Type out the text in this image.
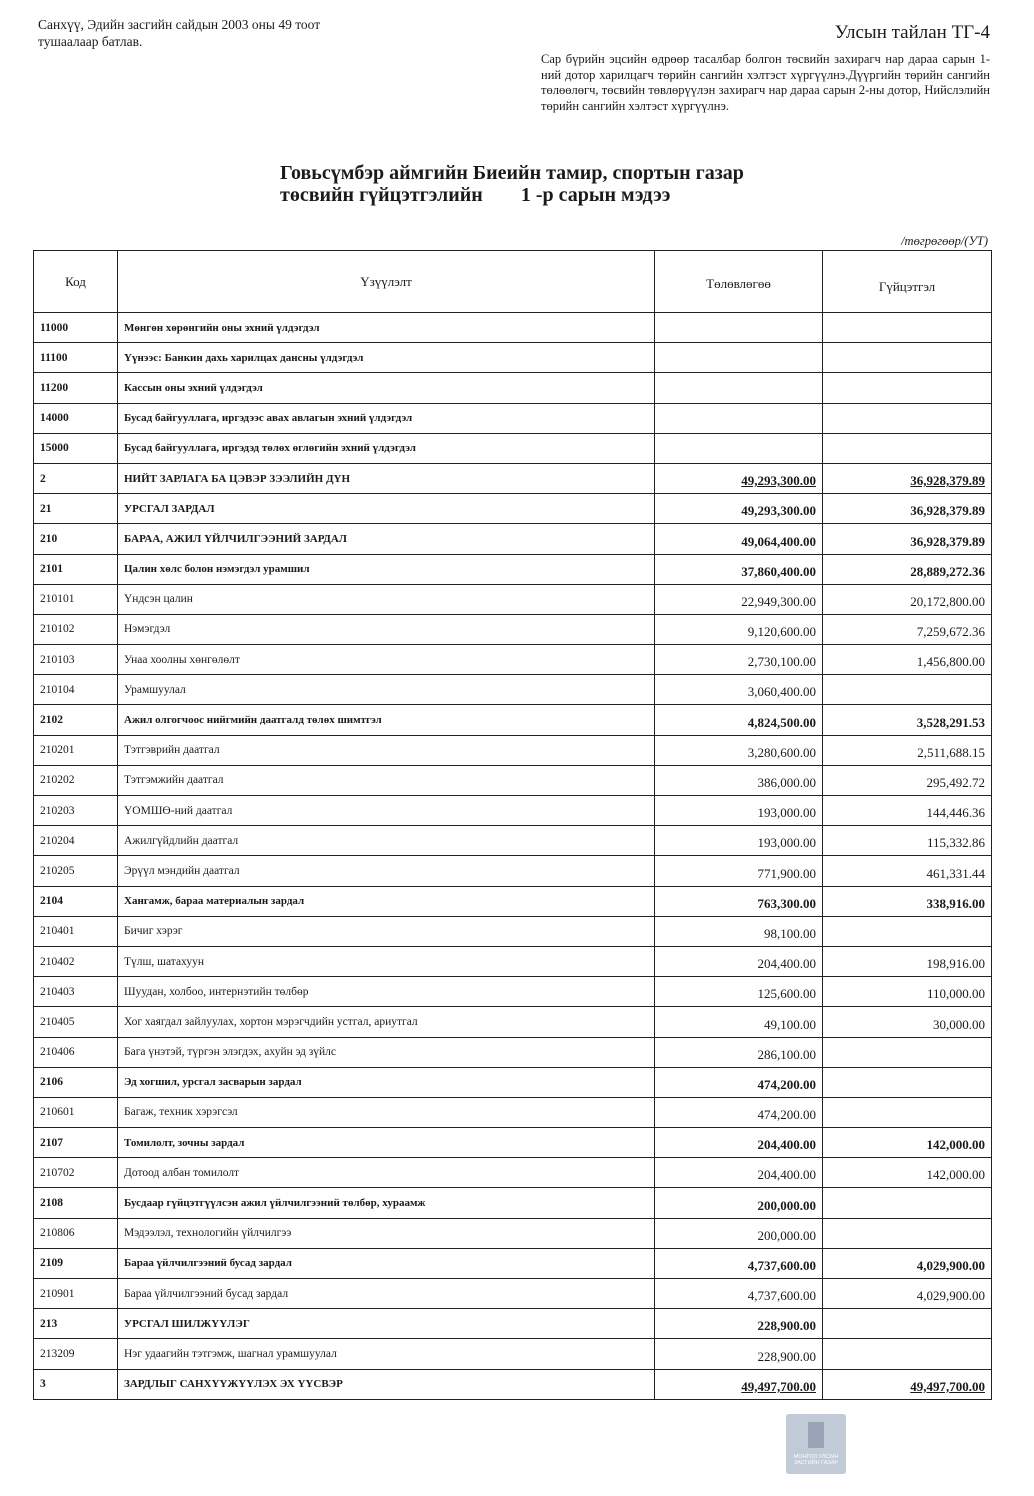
Санхүү, Эдийн засгийн сайдын 2003 оны 49 тоот
тушаалаар батлав.	Улсын тайлан ТГ-4
Сар бүрийн эцсийн өдрөөр тасалбар болгон төсвийн захирагч нар дараа сарын 1-ний дотор харилцагч төрийн сангийн хэлтэст хүргүүлнэ.Дүүргийн төрийн сангийн төлөөлөгч, төсвийн төвлөрүүлэн захирагч нар дараа сарын 2-ны дотор, Нийслэлийн төрийн сангийн хэлтэст хүргүүлнэ.
Говьсүмбэр аймгийн Биеийн тамир, спортын газар
төсвийн гүйцэтгэлийн 1 -р сарын мэдээ
/төгрөгөөр/(УТ)
Код	Үзүүлэлт	Төлөвлөгөө	Гүйцэтгэл
11000	Мөнгөн хөрөнгийн оны эхний үлдэгдэл		
11100	Үүнээс: Банкин дахь харилцах дансны үлдэгдэл		
11200	Кассын оны эхний үлдэгдэл		
14000	Бусад байгууллага, иргэдээс авах авлагын эхний үлдэгдэл		
15000	Бусад байгууллага, иргэдэд төлөх өглөгийн эхний үлдэгдэл		
2	НИЙТ ЗАРЛАГА БА ЦЭВЭР ЗЭЭЛИЙН ДҮН	49,293,300.00	36,928,379.89
21	УРСГАЛ ЗАРДАЛ	49,293,300.00	36,928,379.89
210	БАРАА, АЖИЛ ҮЙЛЧИЛГЭЭНИЙ ЗАРДАЛ	49,064,400.00	36,928,379.89
2101	Цалин хөлс болон нэмэгдэл урамшил	37,860,400.00	28,889,272.36
210101	Үндсэн цалин	22,949,300.00	20,172,800.00
210102	Нэмэгдэл	9,120,600.00	7,259,672.36
210103	Унаа хоолны хөнгөлөлт	2,730,100.00	1,456,800.00
210104	Урамшуулал	3,060,400.00	
2102	Ажил олгогчоос нийгмийн даатгалд төлөх шимтгэл	4,824,500.00	3,528,291.53
210201	Тэтгэврийн даатгал	3,280,600.00	2,511,688.15
210202	Тэтгэмжийн даатгал	386,000.00	295,492.72
210203	ҮОМШӨ-ний даатгал	193,000.00	144,446.36
210204	Ажилгүйдлийн даатгал	193,000.00	115,332.86
210205	Эрүүл мэндийн даатгал	771,900.00	461,331.44
2104	Хангамж, бараа материалын зардал	763,300.00	338,916.00
210401	Бичиг хэрэг	98,100.00	
210402	Түлш, шатахуун	204,400.00	198,916.00
210403	Шуудан, холбоо, интернэтийн төлбөр	125,600.00	110,000.00
210405	Хог хаягдал зайлуулах, хортон мэрэгчдийн устгал, ариутгал	49,100.00	30,000.00
210406	Бага үнэтэй, түргэн элэгдэх, ахуйн эд зүйлс	286,100.00	
2106	Эд хогшил, урсгал засварын зардал	474,200.00	
210601	Багаж, техник хэрэгсэл	474,200.00	
2107	Томилолт, зочны зардал	204,400.00	142,000.00
210702	Дотоод албан томилолт	204,400.00	142,000.00
2108	Бусдаар гүйцэтгүүлсэн ажил үйлчилгээний төлбөр, хураамж	200,000.00	
210806	Мэдээлэл, технологийн үйлчилгээ	200,000.00	
2109	Бараа үйлчилгээний бусад зардал	4,737,600.00	4,029,900.00
210901	Бараа үйлчилгээний бусад зардал	4,737,600.00	4,029,900.00
213	УРСГАЛ ШИЛЖҮҮЛЭГ	228,900.00	
213209	Нэг удаагийн тэтгэмж, шагнал урамшуулал	228,900.00	
3	ЗАРДЛЫГ САНХҮҮЖҮҮЛЭХ ЭХ ҮҮСВЭР	49,497,700.00	49,497,700.00
МОНГОЛ УЛСЫН
ЗАСГИЙН ГАЗАР
